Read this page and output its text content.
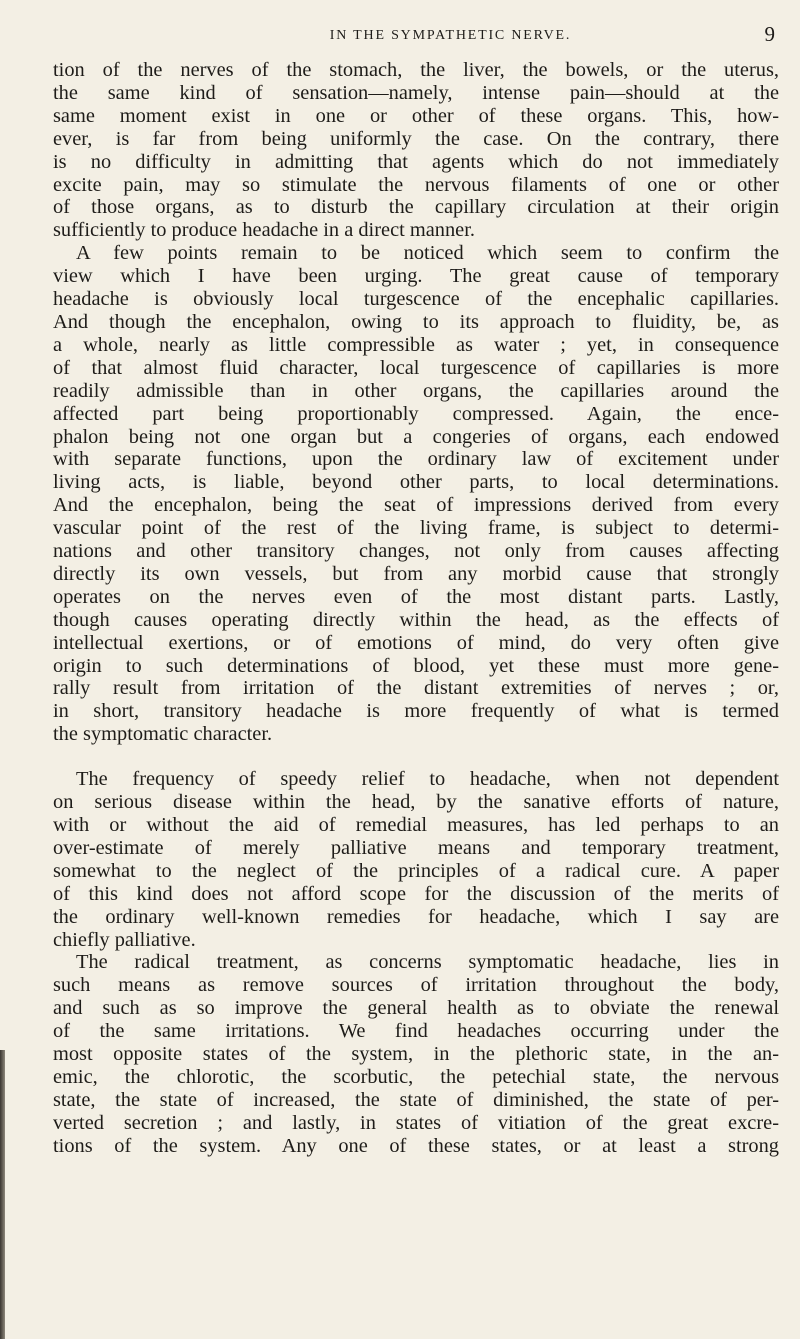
IN THE SYMPATHETIC NERVE.	9

tion of the nerves of the stomach, the liver, the bowels, or the uterus,
the same kind of sensation—namely, intense pain—should at the
same moment exist in one or other of these organs. This, how-
ever, is far from being uniformly the case. On the contrary, there
is no difficulty in admitting that agents which do not immediately
excite pain, may so stimulate the nervous filaments of one or other
of those organs, as to disturb the capillary circulation at their origin
sufficiently to produce headache in a direct manner.

A few points remain to be noticed which seem to confirm the
view which I have been urging. The great cause of temporary
headache is obviously local turgescence of the encephalic capillaries.
And though the encephalon, owing to its approach to fluidity, be, as
a whole, nearly as little compressible as water ; yet, in consequence
of that almost fluid character, local turgescence of capillaries is more
readily admissible than in other organs, the capillaries around the
affected part being proportionably compressed. Again, the ence-
phalon being not one organ but a congeries of organs, each endowed
with separate functions, upon the ordinary law of excitement under
living acts, is liable, beyond other parts, to local determinations.
And the encephalon, being the seat of impressions derived from every
vascular point of the rest of the living frame, is subject to determi-
nations and other transitory changes, not only from causes affecting
directly its own vessels, but from any morbid cause that strongly
operates on the nerves even of the most distant parts. Lastly,
though causes operating directly within the head, as the effects of
intellectual exertions, or of emotions of mind, do very often give
origin to such determinations of blood, yet these must more gene-
rally result from irritation of the distant extremities of nerves ; or,
in short, transitory headache is more frequently of what is termed
the symptomatic character.

The frequency of speedy relief to headache, when not dependent
on serious disease within the head, by the sanative efforts of nature,
with or without the aid of remedial measures, has led perhaps to an
over-estimate of merely palliative means and temporary treatment,
somewhat to the neglect of the principles of a radical cure. A paper
of this kind does not afford scope for the discussion of the merits of
the ordinary well-known remedies for headache, which I say are
chiefly palliative.

The radical treatment, as concerns symptomatic headache, lies in
such means as remove sources of irritation throughout the body,
and such as so improve the general health as to obviate the renewal
of the same irritations. We find headaches occurring under the
most opposite states of the system, in the plethoric state, in the an-
emic, the chlorotic, the scorbutic, the petechial state, the nervous
state, the state of increased, the state of diminished, the state of per-
verted secretion ; and lastly, in states of vitiation of the great excre-
tions of the system. Any one of these states, or at least a strong
